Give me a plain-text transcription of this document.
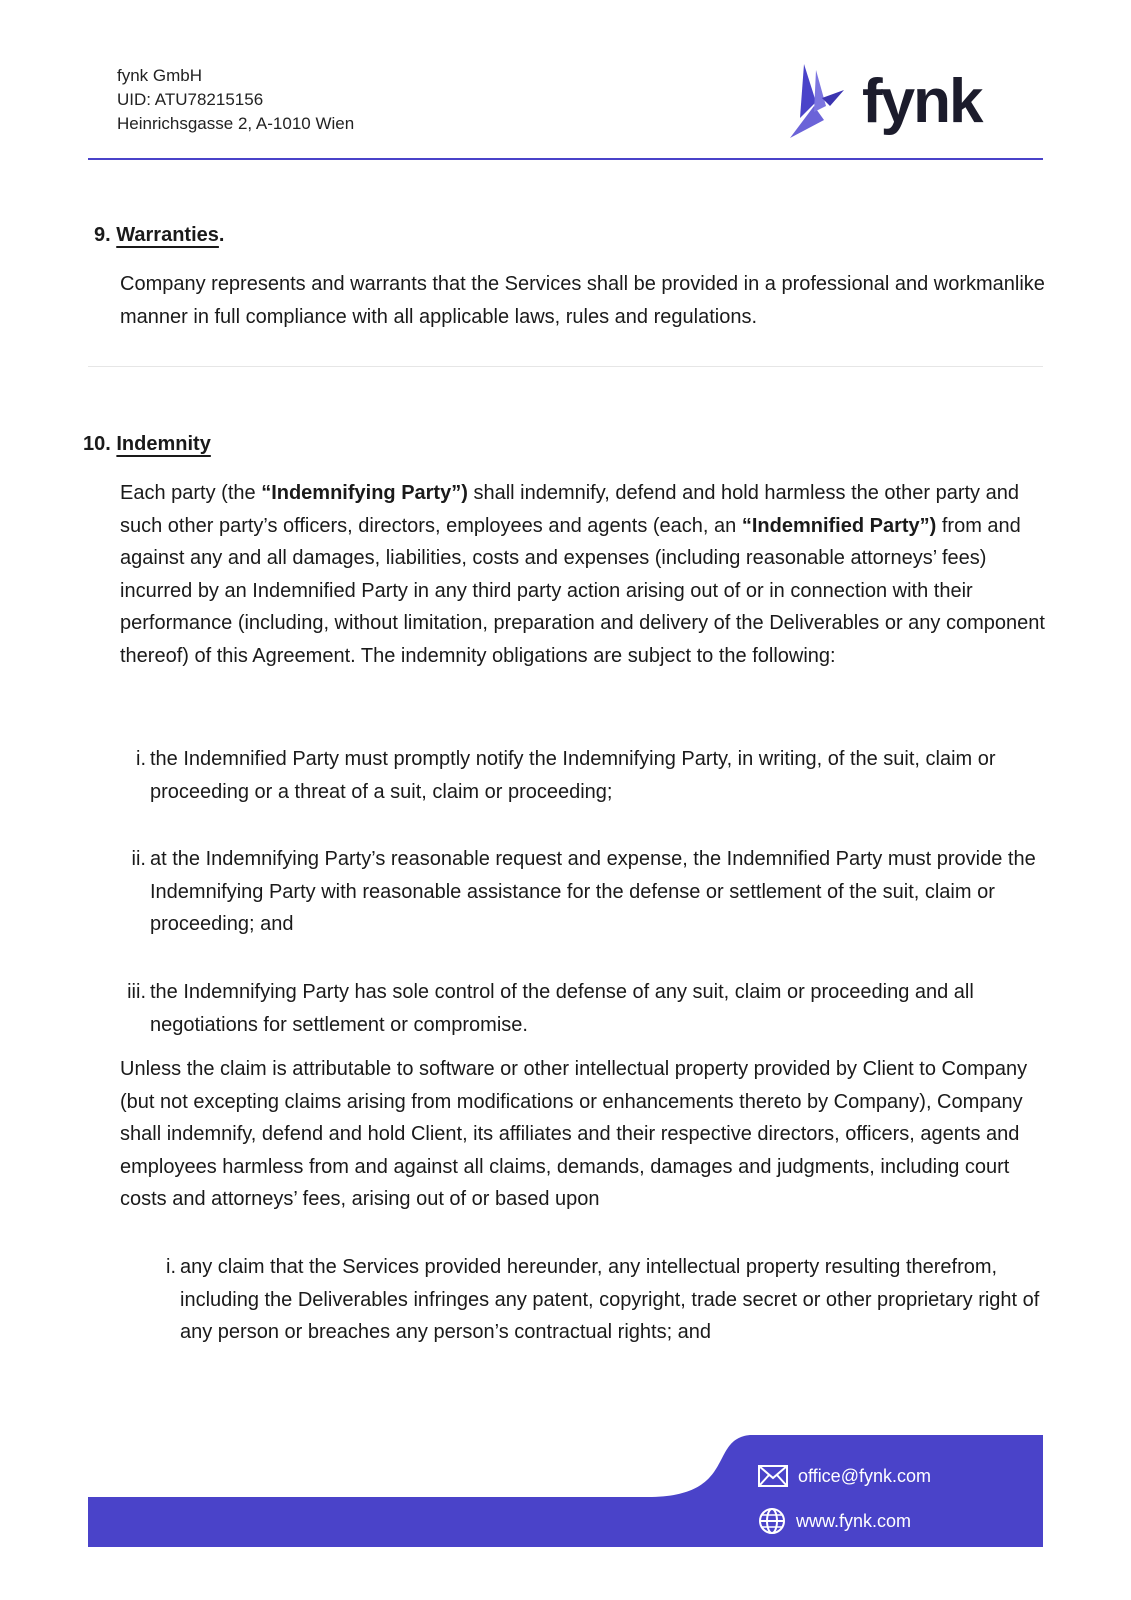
fynk GmbH
UID: ATU78215156
Heinrichsgasse 2, A-1010 Wien	fynk
9. Warranties.
Company represents and warrants that the Services shall be provided in a professional and workmanlike manner in full compliance with all applicable laws, rules and regulations.
10. Indemnity
Each party (the “Indemnifying Party”) shall indemnify, defend and hold harmless the other party and such other party’s officers, directors, employees and agents (each, an “Indemnified Party”) from and against any and all damages, liabilities, costs and expenses (including reasonable attorneys’ fees) incurred by an Indemnified Party in any third party action arising out of or in connection with their performance (including, without limitation, preparation and delivery of the Deliverables or any component thereof) of this Agreement. The indemnity obligations are subject to the following:
i. the Indemnified Party must promptly notify the Indemnifying Party, in writing, of the suit, claim or proceeding or a threat of a suit, claim or proceeding;
ii. at the Indemnifying Party’s reasonable request and expense, the Indemnified Party must provide the Indemnifying Party with reasonable assistance for the defense or settlement of the suit, claim or proceeding; and
iii. the Indemnifying Party has sole control of the defense of any suit, claim or proceeding and all negotiations for settlement or compromise.
Unless the claim is attributable to software or other intellectual property provided by Client to Company (but not excepting claims arising from modifications or enhancements thereto by Company), Company shall indemnify, defend and hold Client, its affiliates and their respective directors, officers, agents and employees harmless from and against all claims, demands, damages and judgments, including court costs and attorneys’ fees, arising out of or based upon
i. any claim that the Services provided hereunder, any intellectual property resulting therefrom, including the Deliverables infringes any patent, copyright, trade secret or other proprietary right of any person or breaches any person’s contractual rights; and
office@fynk.com
www.fynk.com
